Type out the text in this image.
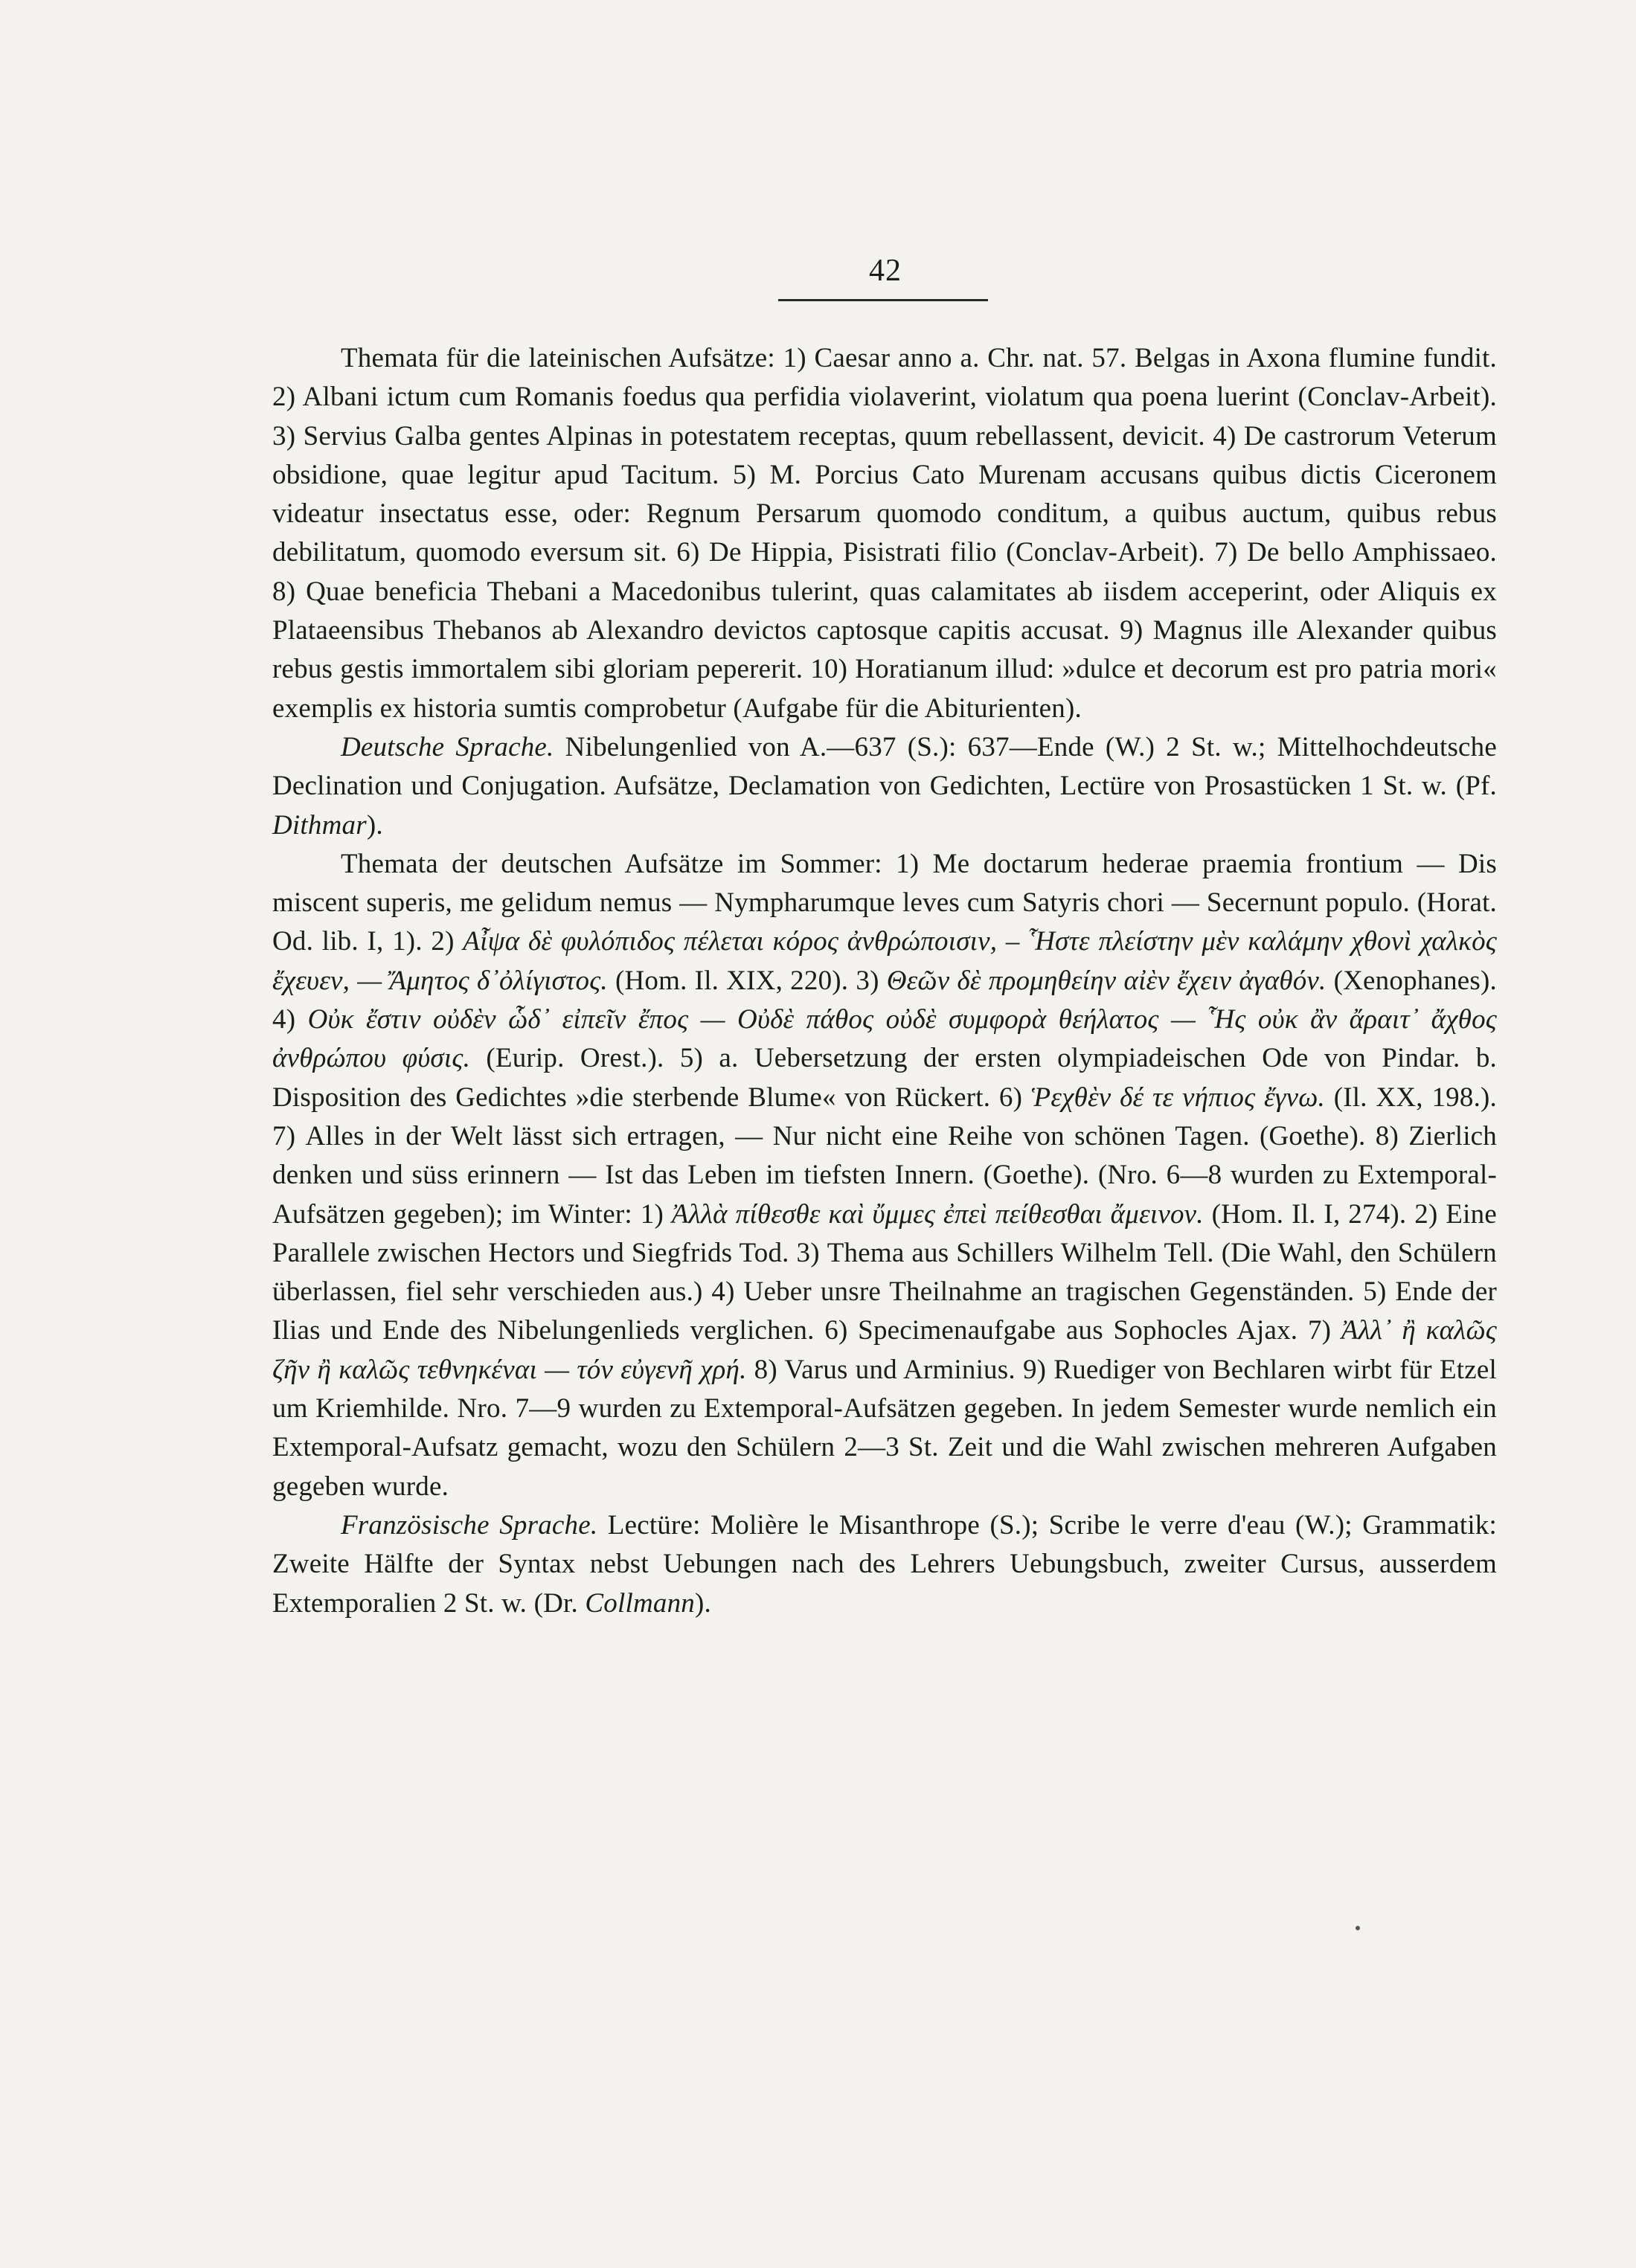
42

Themata für die lateinischen Aufsätze: 1) Caesar anno a. Chr. nat. 57. Belgas in Axona flumine fundit. 2) Albani ictum cum Romanis foedus qua perfidia violaverint, violatum qua poena luerint (Conclav-Arbeit). 3) Servius Galba gentes Alpinas in potestatem receptas, quum rebellassent, devicit. 4) De castrorum Veterum obsidione, quae legitur apud Tacitum. 5) M. Porcius Cato Murenam accusans quibus dictis Ciceronem videatur insectatus esse, oder: Regnum Persarum quomodo conditum, a quibus auctum, quibus rebus debilitatum, quomodo eversum sit. 6) De Hippia, Pisistrati filio (Conclav-Arbeit). 7) De bello Amphissaeo. 8) Quae beneficia Thebani a Macedonibus tulerint, quas calamitates ab iisdem acceperint, oder Aliquis ex Plataeensibus Thebanos ab Alexandro devictos captosque capitis accusat. 9) Magnus ille Alexander quibus rebus gestis immortalem sibi gloriam pepererit. 10) Horatianum illud: »dulce et decorum est pro patria mori« exemplis ex historia sumtis comprobetur (Aufgabe für die Abiturienten).

Deutsche Sprache. Nibelungenlied von A.—637 (S.): 637—Ende (W.) 2 St. w.; Mittelhochdeutsche Declination und Conjugation. Aufsätze, Declamation von Gedichten, Lectüre von Prosastücken 1 St. w. (Pf. Dithmar).

Themata der deutschen Aufsätze im Sommer: 1) Me doctarum hederae praemia frontium — Dis miscent superis, me gelidum nemus — Nympharumque leves cum Satyris chori — Secernunt populo. (Horat. Od. lib. I, 1). 2) Αἶψα δὲ φυλόπιδος πέλεται κόρος ἀνθρώποισιν, – Ἧστε πλείστην μὲν καλάμην χθονὶ χαλκὸς ἔχευεν, — Ἄμητος δ᾽ὀλίγιστος. (Hom. Il. XIX, 220). 3) Θεῶν δὲ προμηθείην αἰὲν ἔχειν ἀγαθόν. (Xenophanes). 4) Οὐκ ἔστιν οὐδὲν ὧδ᾽ εἰπεῖν ἔπος — Οὐδὲ πάθος οὐδὲ συμφορὰ θεήλατος — Ἧς οὐκ ἂν ἄραιτ᾽ ἄχθος ἀνθρώπου φύσις. (Eurip. Orest.). 5) a. Uebersetzung der ersten olympiadeischen Ode von Pindar. b. Disposition des Gedichtes »die sterbende Blume« von Rückert. 6) Ῥεχθὲν δέ τε νήπιος ἔγνω. (Il. XX, 198.). 7) Alles in der Welt lässt sich ertragen, — Nur nicht eine Reihe von schönen Tagen. (Goethe). 8) Zierlich denken und süss erinnern — Ist das Leben im tiefsten Innern. (Goethe). (Nro. 6—8 wurden zu Extemporal-Aufsätzen gegeben); im Winter: 1) Ἀλλὰ πίθεσθε καὶ ὔμμες ἐπεὶ πείθεσθαι ἄμεινον. (Hom. Il. I, 274). 2) Eine Parallele zwischen Hectors und Siegfrids Tod. 3) Thema aus Schillers Wilhelm Tell. (Die Wahl, den Schülern überlassen, fiel sehr verschieden aus.) 4) Ueber unsre Theilnahme an tragischen Gegenständen. 5) Ende der Ilias und Ende des Nibelungenlieds verglichen. 6) Specimenaufgabe aus Sophocles Ajax. 7) Ἀλλ᾽ ἢ καλῶς ζῆν ἢ καλῶς τεθνηκέναι — τόν εὐγενῆ χρή. 8) Varus und Arminius. 9) Ruediger von Bechlaren wirbt für Etzel um Kriemhilde. Nro. 7—9 wurden zu Extemporal-Aufsätzen gegeben. In jedem Semester wurde nemlich ein Extemporal-Aufsatz gemacht, wozu den Schülern 2—3 St. Zeit und die Wahl zwischen mehreren Aufgaben gegeben wurde.

Französische Sprache. Lectüre: Molière le Misanthrope (S.); Scribe le verre d'eau (W.); Grammatik: Zweite Hälfte der Syntax nebst Uebungen nach des Lehrers Uebungsbuch, zweiter Cursus, ausserdem Extemporalien 2 St. w. (Dr. Collmann).
